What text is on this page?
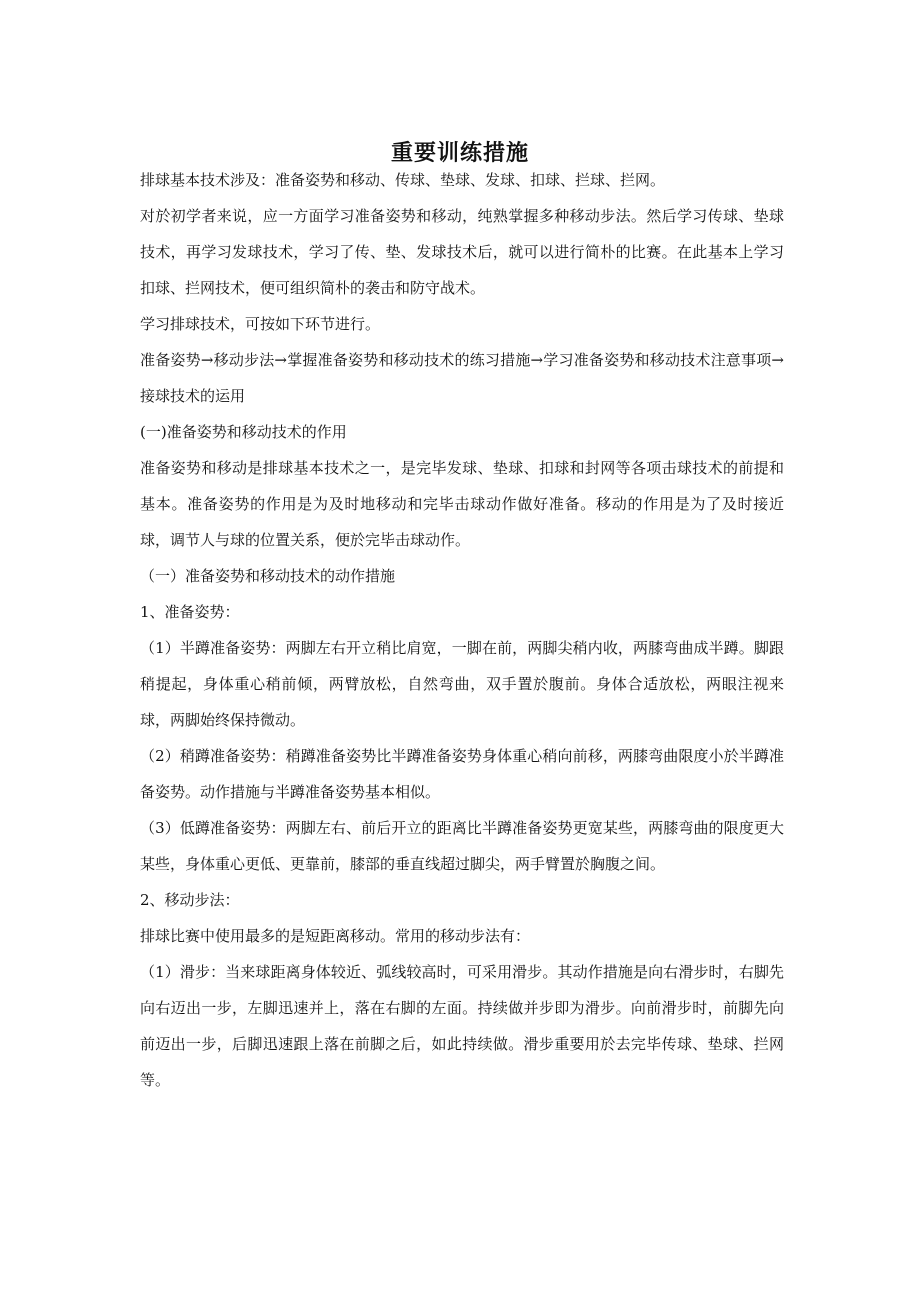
重要训练措施

排球基本技术涉及：准备姿势和移动、传球、垫球、发球、扣球、拦球、拦网。

对於初学者来说，应一方面学习准备姿势和移动，纯熟掌握多种移动步法。然后学习传球、垫球技术，再学习发球技术，学习了传、垫、发球技术后，就可以进行简朴的比赛。在此基本上学习扣球、拦网技术，便可组织简朴的袭击和防守战术。

学习排球技术，可按如下环节进行。

准备姿势→移动步法→掌握准备姿势和移动技术的练习措施→学习准备姿势和移动技术注意事项→接球技术的运用

(一)准备姿势和移动技术的作用

准备姿势和移动是排球基本技术之一，是完毕发球、垫球、扣球和封网等各项击球技术的前提和基本。准备姿势的作用是为及时地移动和完毕击球动作做好准备。移动的作用是为了及时接近球，调节人与球的位置关系，便於完毕击球动作。

（一）准备姿势和移动技术的动作措施

1、准备姿势：

（1）半蹲准备姿势：两脚左右开立稍比肩宽，一脚在前，两脚尖稍内收，两膝弯曲成半蹲。脚跟稍提起，身体重心稍前倾，两臂放松，自然弯曲，双手置於腹前。身体合适放松，两眼注视来球，两脚始终保持微动。

（2）稍蹲准备姿势：稍蹲准备姿势比半蹲准备姿势身体重心稍向前移，两膝弯曲限度小於半蹲准备姿势。动作措施与半蹲准备姿势基本相似。

（3）低蹲准备姿势：两脚左右、前后开立的距离比半蹲准备姿势更宽某些，两膝弯曲的限度更大某些，身体重心更低、更靠前，膝部的垂直线超过脚尖，两手臂置於胸腹之间。

2、移动步法：

排球比赛中使用最多的是短距离移动。常用的移动步法有：

（1）滑步：当来球距离身体较近、弧线较高时，可采用滑步。其动作措施是向右滑步时，右脚先向右迈出一步，左脚迅速并上，落在右脚的左面。持续做并步即为滑步。向前滑步时，前脚先向前迈出一步，后脚迅速跟上落在前脚之后，如此持续做。滑步重要用於去完毕传球、垫球、拦网等。
